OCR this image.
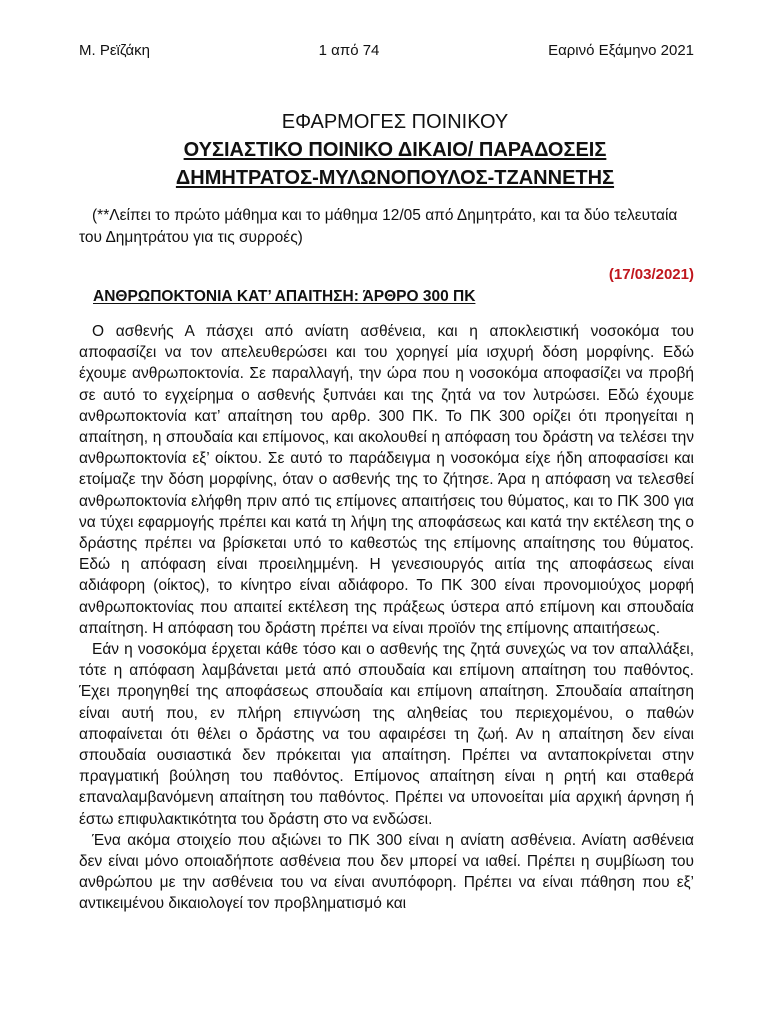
Μ. Ρεϊζάκη	1 από 74	Εαρινό Εξάμηνο 2021
ΕΦΑΡΜΟΓΕΣ ΠΟΙΝΙΚΟΥ
ΟΥΣΙΑΣΤΙΚΟ ΠΟΙΝΙΚΟ ΔΙΚΑΙΟ/ ΠΑΡΑΔΟΣΕΙΣ
ΔΗΜΗΤΡΑΤΟΣ-ΜΥΛΩΝΟΠΟΥΛΟΣ-ΤΖΑΝΝΕΤΗΣ
(**Λείπει το πρώτο μάθημα και το μάθημα 12/05 από Δημητράτο, και τα δύο τελευταία του Δημητράτου για τις συρροές)
(17/03/2021)
ΑΝΘΡΩΠΟΚΤΟΝΙΑ ΚΑΤ’ ΑΠΑΙΤΗΣΗ: ΆΡΘΡΟ 300 ΠΚ

Ο ασθενής Α πάσχει από ανίατη ασθένεια, και η αποκλειστική νοσοκόμα του αποφασίζει να τον απελευθερώσει και του χορηγεί μία ισχυρή δόση μορφίνης. Εδώ έχουμε ανθρωποκτονία. Σε παραλλαγή, την ώρα που η νοσοκόμα αποφασίζει να προβή σε αυτό το εγχείρημα ο ασθενής ξυπνάει και της ζητά να τον λυτρώσει. Εδώ έχουμε ανθρωποκτονία κατ’ απαίτηση του αρθρ. 300 ΠΚ. Το ΠΚ 300 ορίζει ότι προηγείται η απαίτηση, η σπουδαία και επίμονος, και ακολουθεί η απόφαση του δράστη να τελέσει την ανθρωποκτονία εξ’ οίκτου. Σε αυτό το παράδειγμα η νοσοκόμα είχε ήδη αποφασίσει και ετοίμαζε την δόση μορφίνης, όταν ο ασθενής της το ζήτησε. Άρα η απόφαση να τελεσθεί ανθρωποκτονία ελήφθη πριν από τις επίμονες απαιτήσεις του θύματος, και το ΠΚ 300 για να τύχει εφαρμογής πρέπει και κατά τη λήψη της αποφάσεως και κατά την εκτέλεση της ο δράστης πρέπει να βρίσκεται υπό το καθεστώς της επίμονης απαίτησης του θύματος. Εδώ η απόφαση είναι προειλημμένη. Η γενεσιουργός αιτία της αποφάσεως είναι αδιάφορη (οίκτος), το κίνητρο είναι αδιάφορο. Το ΠΚ 300 είναι προνομιούχος μορφή ανθρωποκτονίας που απαιτεί εκτέλεση της πράξεως ύστερα από επίμονη και σπουδαία απαίτηση. Η απόφαση του δράστη πρέπει να είναι προϊόν της επίμονης απαιτήσεως.

Εάν η νοσοκόμα έρχεται κάθε τόσο και ο ασθενής της ζητά συνεχώς να τον απαλλάξει, τότε η απόφαση λαμβάνεται μετά από σπουδαία και επίμονη απαίτηση του παθόντος. Έχει προηγηθεί της αποφάσεως σπουδαία και επίμονη απαίτηση. Σπουδαία απαίτηση είναι αυτή που, εν πλήρη επιγνώση της αληθείας του περιεχομένου, ο παθών αποφαίνεται ότι θέλει ο δράστης να του αφαιρέσει τη ζωή. Αν η απαίτηση δεν είναι σπουδαία ουσιαστικά δεν πρόκειται για απαίτηση. Πρέπει να ανταποκρίνεται στην πραγματική βούληση του παθόντος. Επίμονος απαίτηση είναι η ρητή και σταθερά επαναλαμβανόμενη απαίτηση του παθόντος. Πρέπει να υπονοείται μία αρχική άρνηση ή έστω επιφυλακτικότητα του δράστη στο να ενδώσει.

Ένα ακόμα στοιχείο που αξιώνει το ΠΚ 300 είναι η ανίατη ασθένεια. Ανίατη ασθένεια δεν είναι μόνο οποιαδήποτε ασθένεια που δεν μπορεί να ιαθεί. Πρέπει η συμβίωση του ανθρώπου με την ασθένεια του να είναι ανυπόφορη. Πρέπει να είναι πάθηση που εξ’ αντικειμένου δικαιολογεί τον προβληματισμό και
